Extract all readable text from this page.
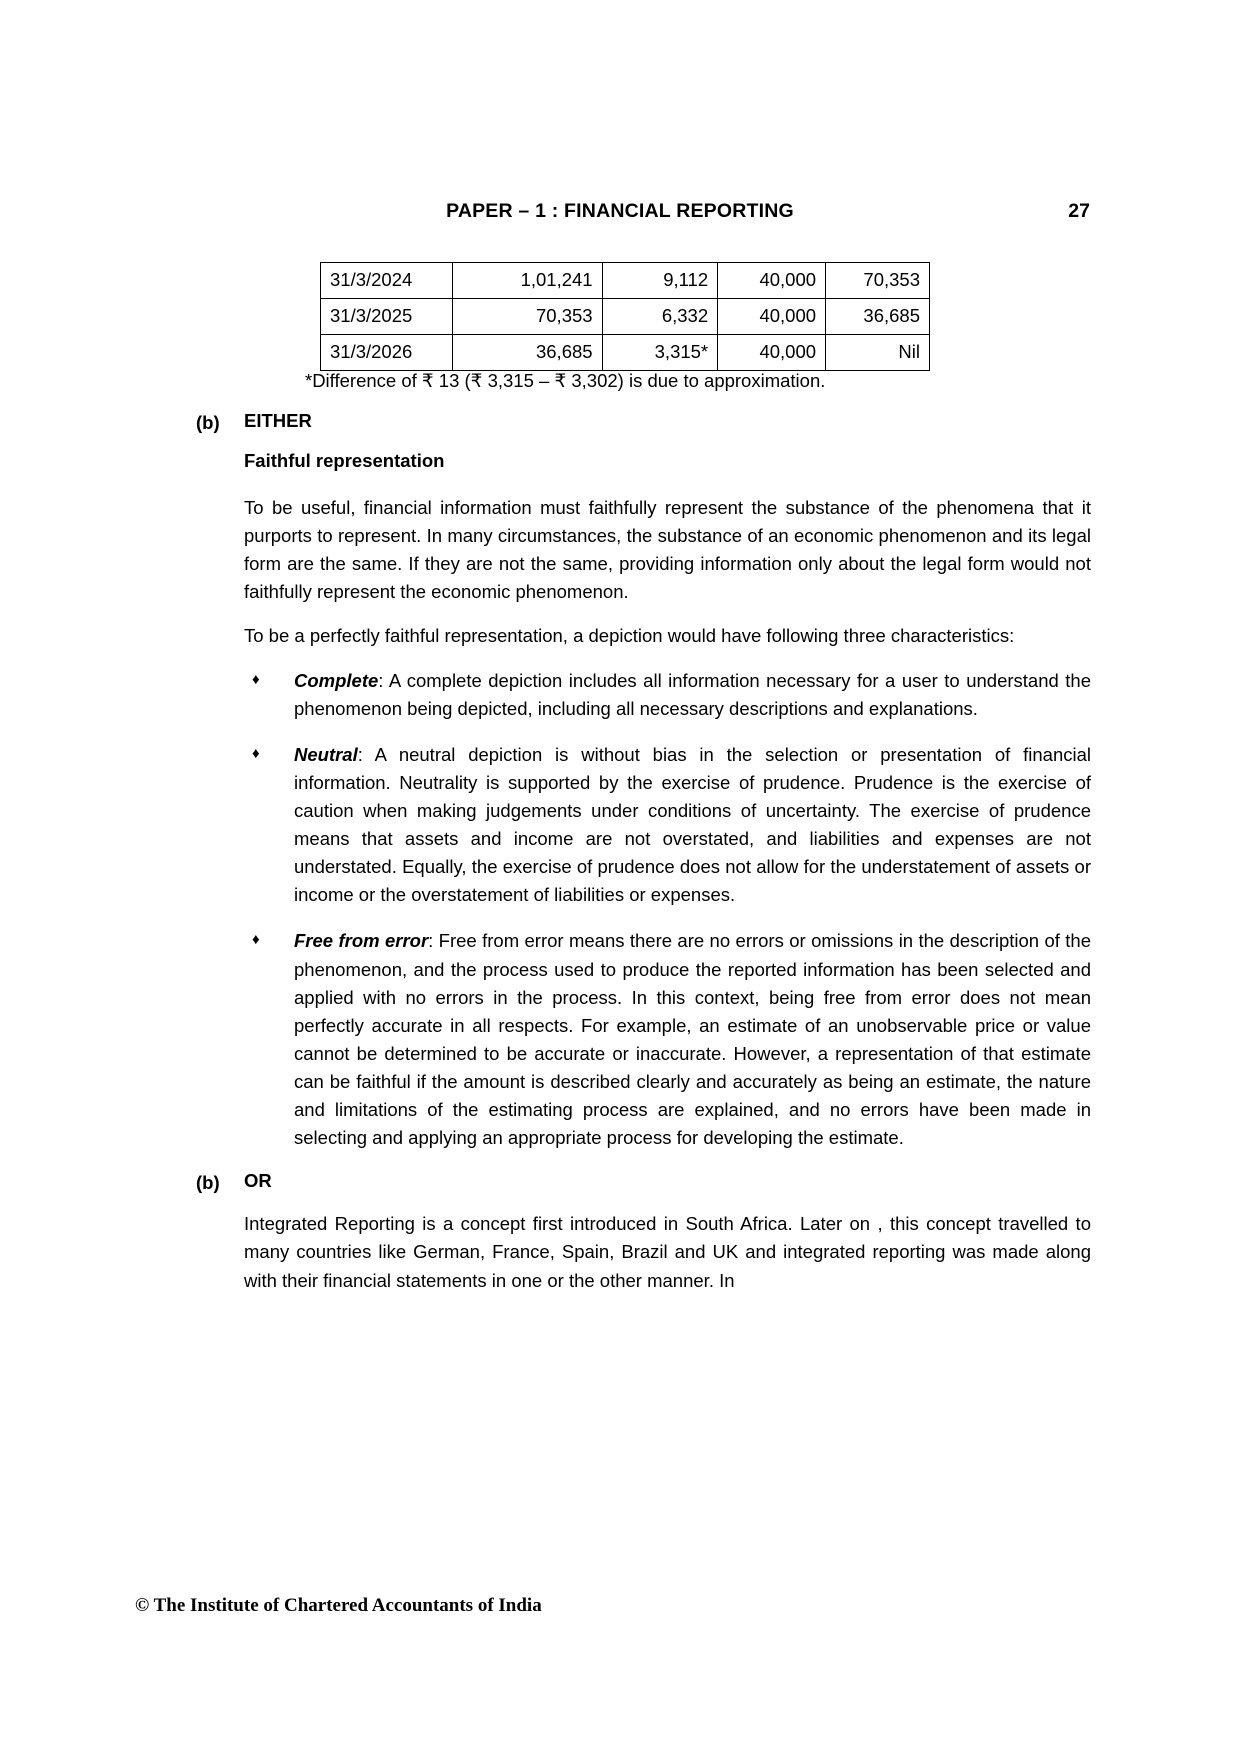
PAPER – 1 : FINANCIAL REPORTING	27
31/3/2024	1,01,241	9,112	40,000	70,353
31/3/2025	70,353	6,332	40,000	36,685
31/3/2026	36,685	3,315*	40,000	Nil
*Difference of ₹ 13 (₹ 3,315 – ₹ 3,302) is due to approximation.
(b)	EITHER

Faithful representation

To be useful, financial information must faithfully represent the substance of the phenomena that it purports to represent. In many circumstances, the substance of an economic phenomenon and its legal form are the same. If they are not the same, providing information only about the legal form would not faithfully represent the economic phenomenon.

To be a perfectly faithful representation, a depiction would have following three characteristics:

♦	Complete: A complete depiction includes all information necessary for a user to understand the phenomenon being depicted, including all necessary descriptions and explanations.
♦	Neutral: A neutral depiction is without bias in the selection or presentation of financial information. Neutrality is supported by the exercise of prudence. Prudence is the exercise of caution when making judgements under conditions of uncertainty. The exercise of prudence means that assets and income are not overstated, and liabilities and expenses are not understated. Equally, the exercise of prudence does not allow for the understatement of assets or income or the overstatement of liabilities or expenses.
♦	Free from error: Free from error means there are no errors or omissions in the description of the phenomenon, and the process used to produce the reported information has been selected and applied with no errors in the process. In this context, being free from error does not mean perfectly accurate in all respects. For example, an estimate of an unobservable price or value cannot be determined to be accurate or inaccurate. However, a representation of that estimate can be faithful if the amount is described clearly and accurately as being an estimate, the nature and limitations of the estimating process are explained, and no errors have been made in selecting and applying an appropriate process for developing the estimate.
(b)	OR

Integrated Reporting is a concept first introduced in South Africa. Later on , this concept travelled to many countries like German, France, Spain, Brazil and UK and integrated reporting was made along with their financial statements in one or the other manner. In

© The Institute of Chartered Accountants of India
